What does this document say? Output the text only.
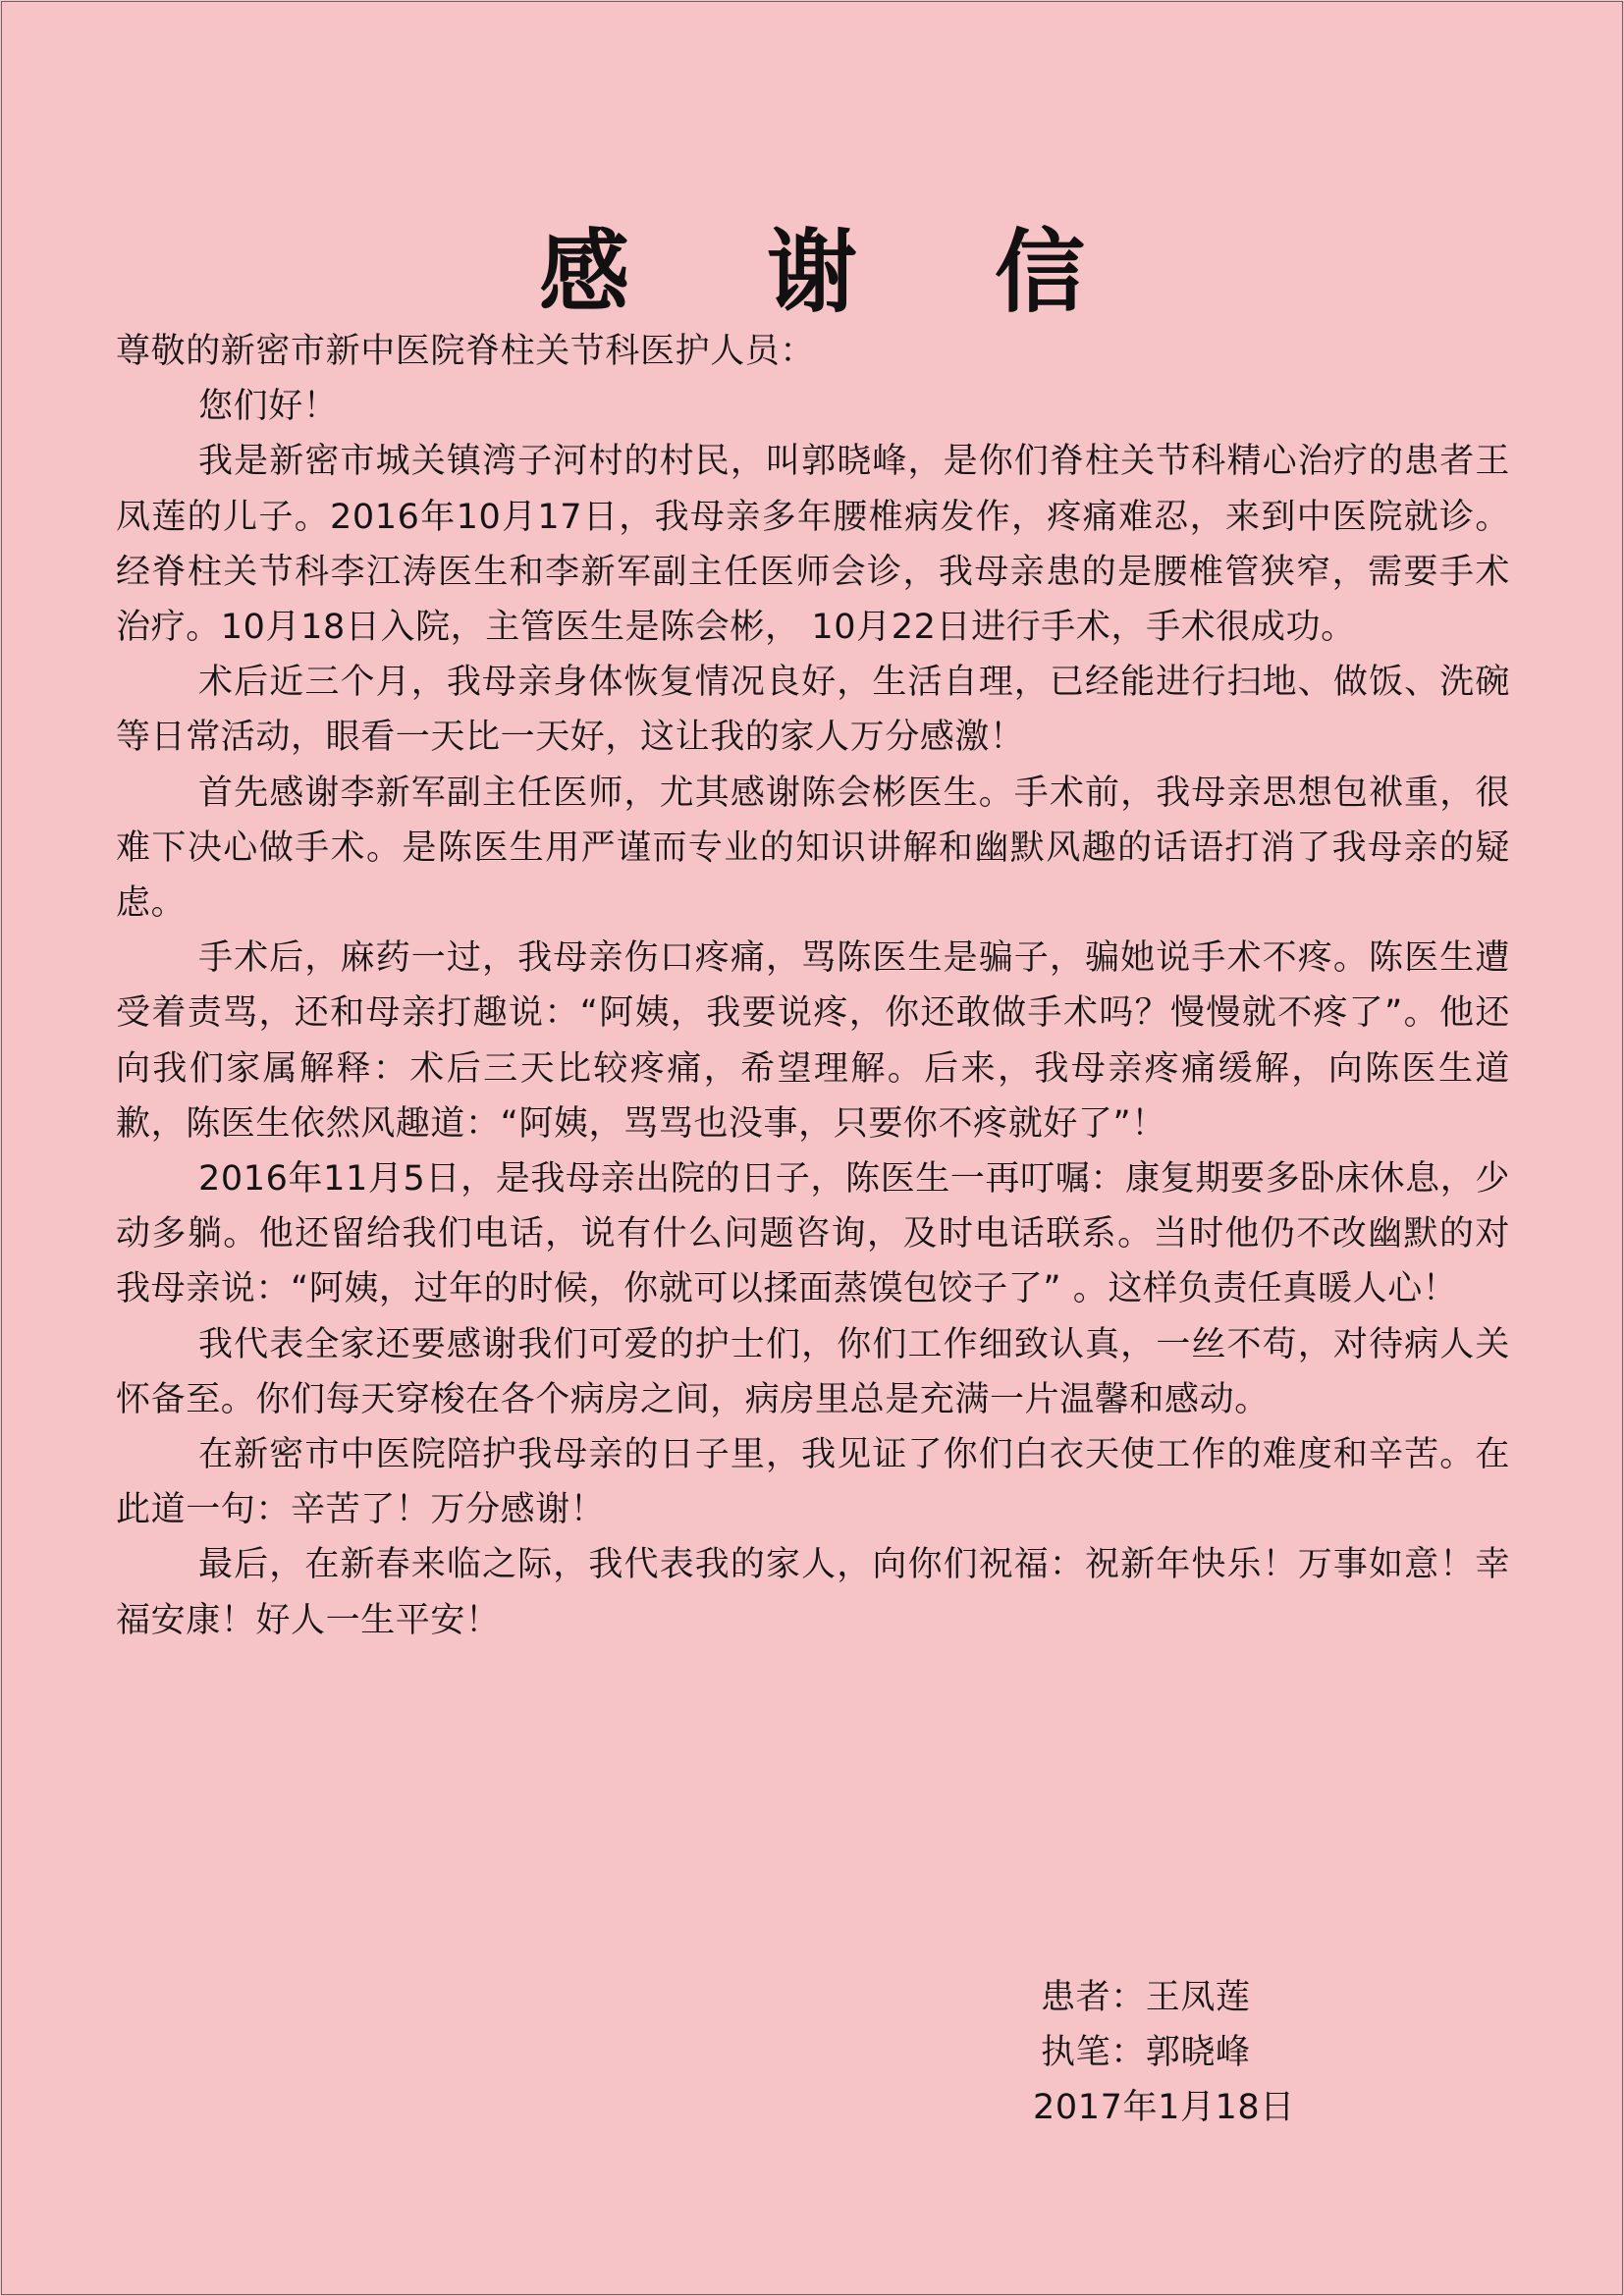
感 谢 信

尊敬的新密市新中医院脊柱关节科医护人员：

您们好！

我是新密市城关镇湾子河村的村民，叫郭晓峰，是你们脊柱关节科精心治疗的患者王凤莲的儿子。2016年10月17日，我母亲多年腰椎病发作，疼痛难忍，来到中医院就诊。经脊柱关节科李江涛医生和李新军副主任医师会诊，我母亲患的是腰椎管狭窄，需要手术治疗。10月18日入院，主管医生是陈会彬， 10月22日进行手术，手术很成功。

术后近三个月，我母亲身体恢复情况良好，生活自理，已经能进行扫地、做饭、洗碗等日常活动，眼看一天比一天好，这让我的家人万分感激！

首先感谢李新军副主任医师，尤其感谢陈会彬医生。手术前，我母亲思想包袱重，很难下决心做手术。是陈医生用严谨而专业的知识讲解和幽默风趣的话语打消了我母亲的疑虑。

手术后，麻药一过，我母亲伤口疼痛，骂陈医生是骗子，骗她说手术不疼。陈医生遭受着责骂，还和母亲打趣说：“阿姨，我要说疼，你还敢做手术吗？慢慢就不疼了”。他还向我们家属解释：术后三天比较疼痛，希望理解。后来，我母亲疼痛缓解，向陈医生道歉，陈医生依然风趣道：“阿姨，骂骂也没事，只要你不疼就好了”！

2016年11月5日，是我母亲出院的日子，陈医生一再叮嘱：康复期要多卧床休息，少动多躺。他还留给我们电话，说有什么问题咨询，及时电话联系。当时他仍不改幽默的对我母亲说：“阿姨，过年的时候，你就可以揉面蒸馍包饺子了” 。这样负责任真暖人心！

我代表全家还要感谢我们可爱的护士们，你们工作细致认真，一丝不苟，对待病人关怀备至。你们每天穿梭在各个病房之间，病房里总是充满一片温馨和感动。

在新密市中医院陪护我母亲的日子里，我见证了你们白衣天使工作的难度和辛苦。在此道一句：辛苦了！万分感谢！

最后，在新春来临之际，我代表我的家人，向你们祝福：祝新年快乐！万事如意！幸福安康！好人一生平安！

患者：王凤莲
执笔：郭晓峰
2017年1月18日
